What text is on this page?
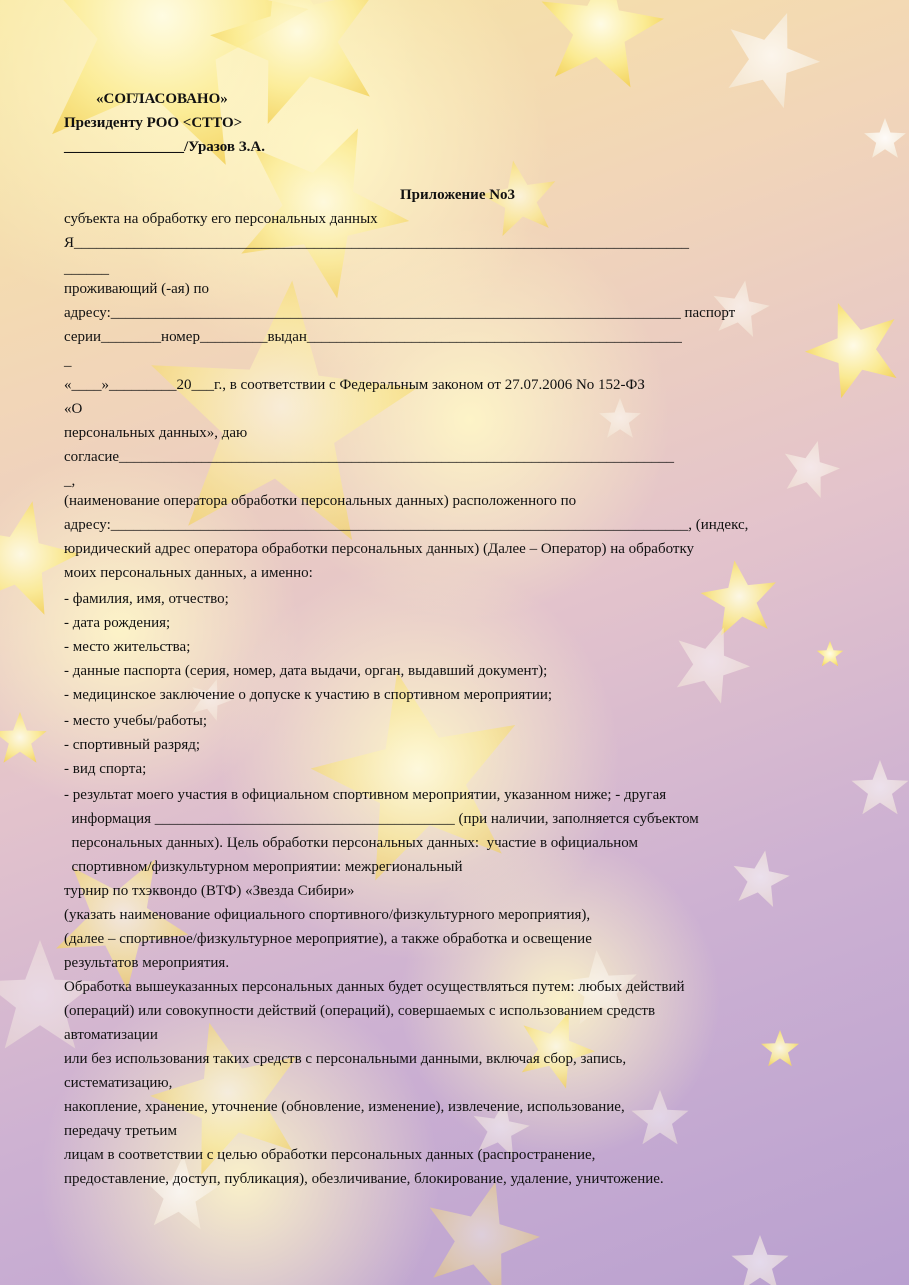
«СОГЛАСОВАНО»
Президенту РОО <СТТО>
________________/Уразов З.А.
Приложение No3
субъекта на обработку его персональных данных
Я__________________________________________________________________________________
______
проживающий (-ая) по
адресу:____________________________________________________________________________ паспорт
серии________номер_________выдан__________________________________________________
_
«____»_________20___г., в соответствии с Федеральным законом от 27.07.2006 No 152-ФЗ
«О
персональных данных», даю
согласие__________________________________________________________________________
_,
(наименование оператора обработки персональных данных) расположенного по
адресу:_____________________________________________________________________________, (индекс,
юридический адрес оператора обработки персональных данных) (Далее – Оператор) на обработку
моих персональных данных, а именно:
- фамилия, имя, отчество;
- дата рождения;
- место жительства;
- данные паспорта (серия, номер, дата выдачи, орган, выдавший документ);
- медицинское заключение о допуске к участию в спортивном мероприятии;
- место учебы/работы;
- спортивный разряд;
- вид спорта;
- результат моего участия в официальном спортивном мероприятии, указанном ниже; - другая
информация ________________________________________ (при наличии, заполняется субъектом
персональных данных). Цель обработки персональных данных:  участие в официальном
спортивном/физкультурном мероприятии: межрегиональный
турнир по тхэквондо (ВТФ) «Звезда Сибири»
(указать наименование официального спортивного/физкультурного мероприятия),
(далее – спортивное/физкультурное мероприятие), а также обработка и освещение
результатов мероприятия.
Обработка вышеуказанных персональных данных будет осуществляться путем: любых действий
(операций) или совокупности действий (операций), совершаемых с использованием средств
автоматизации
или без использования таких средств с персональными данными, включая сбор, запись,
систематизацию,
накопление, хранение, уточнение (обновление, изменение), извлечение, использование,
передачу третьим
лицам в соответствии с целью обработки персональных данных (распространение,
предоставление, доступ, публикация), обезличивание, блокирование, удаление, уничтожение.
